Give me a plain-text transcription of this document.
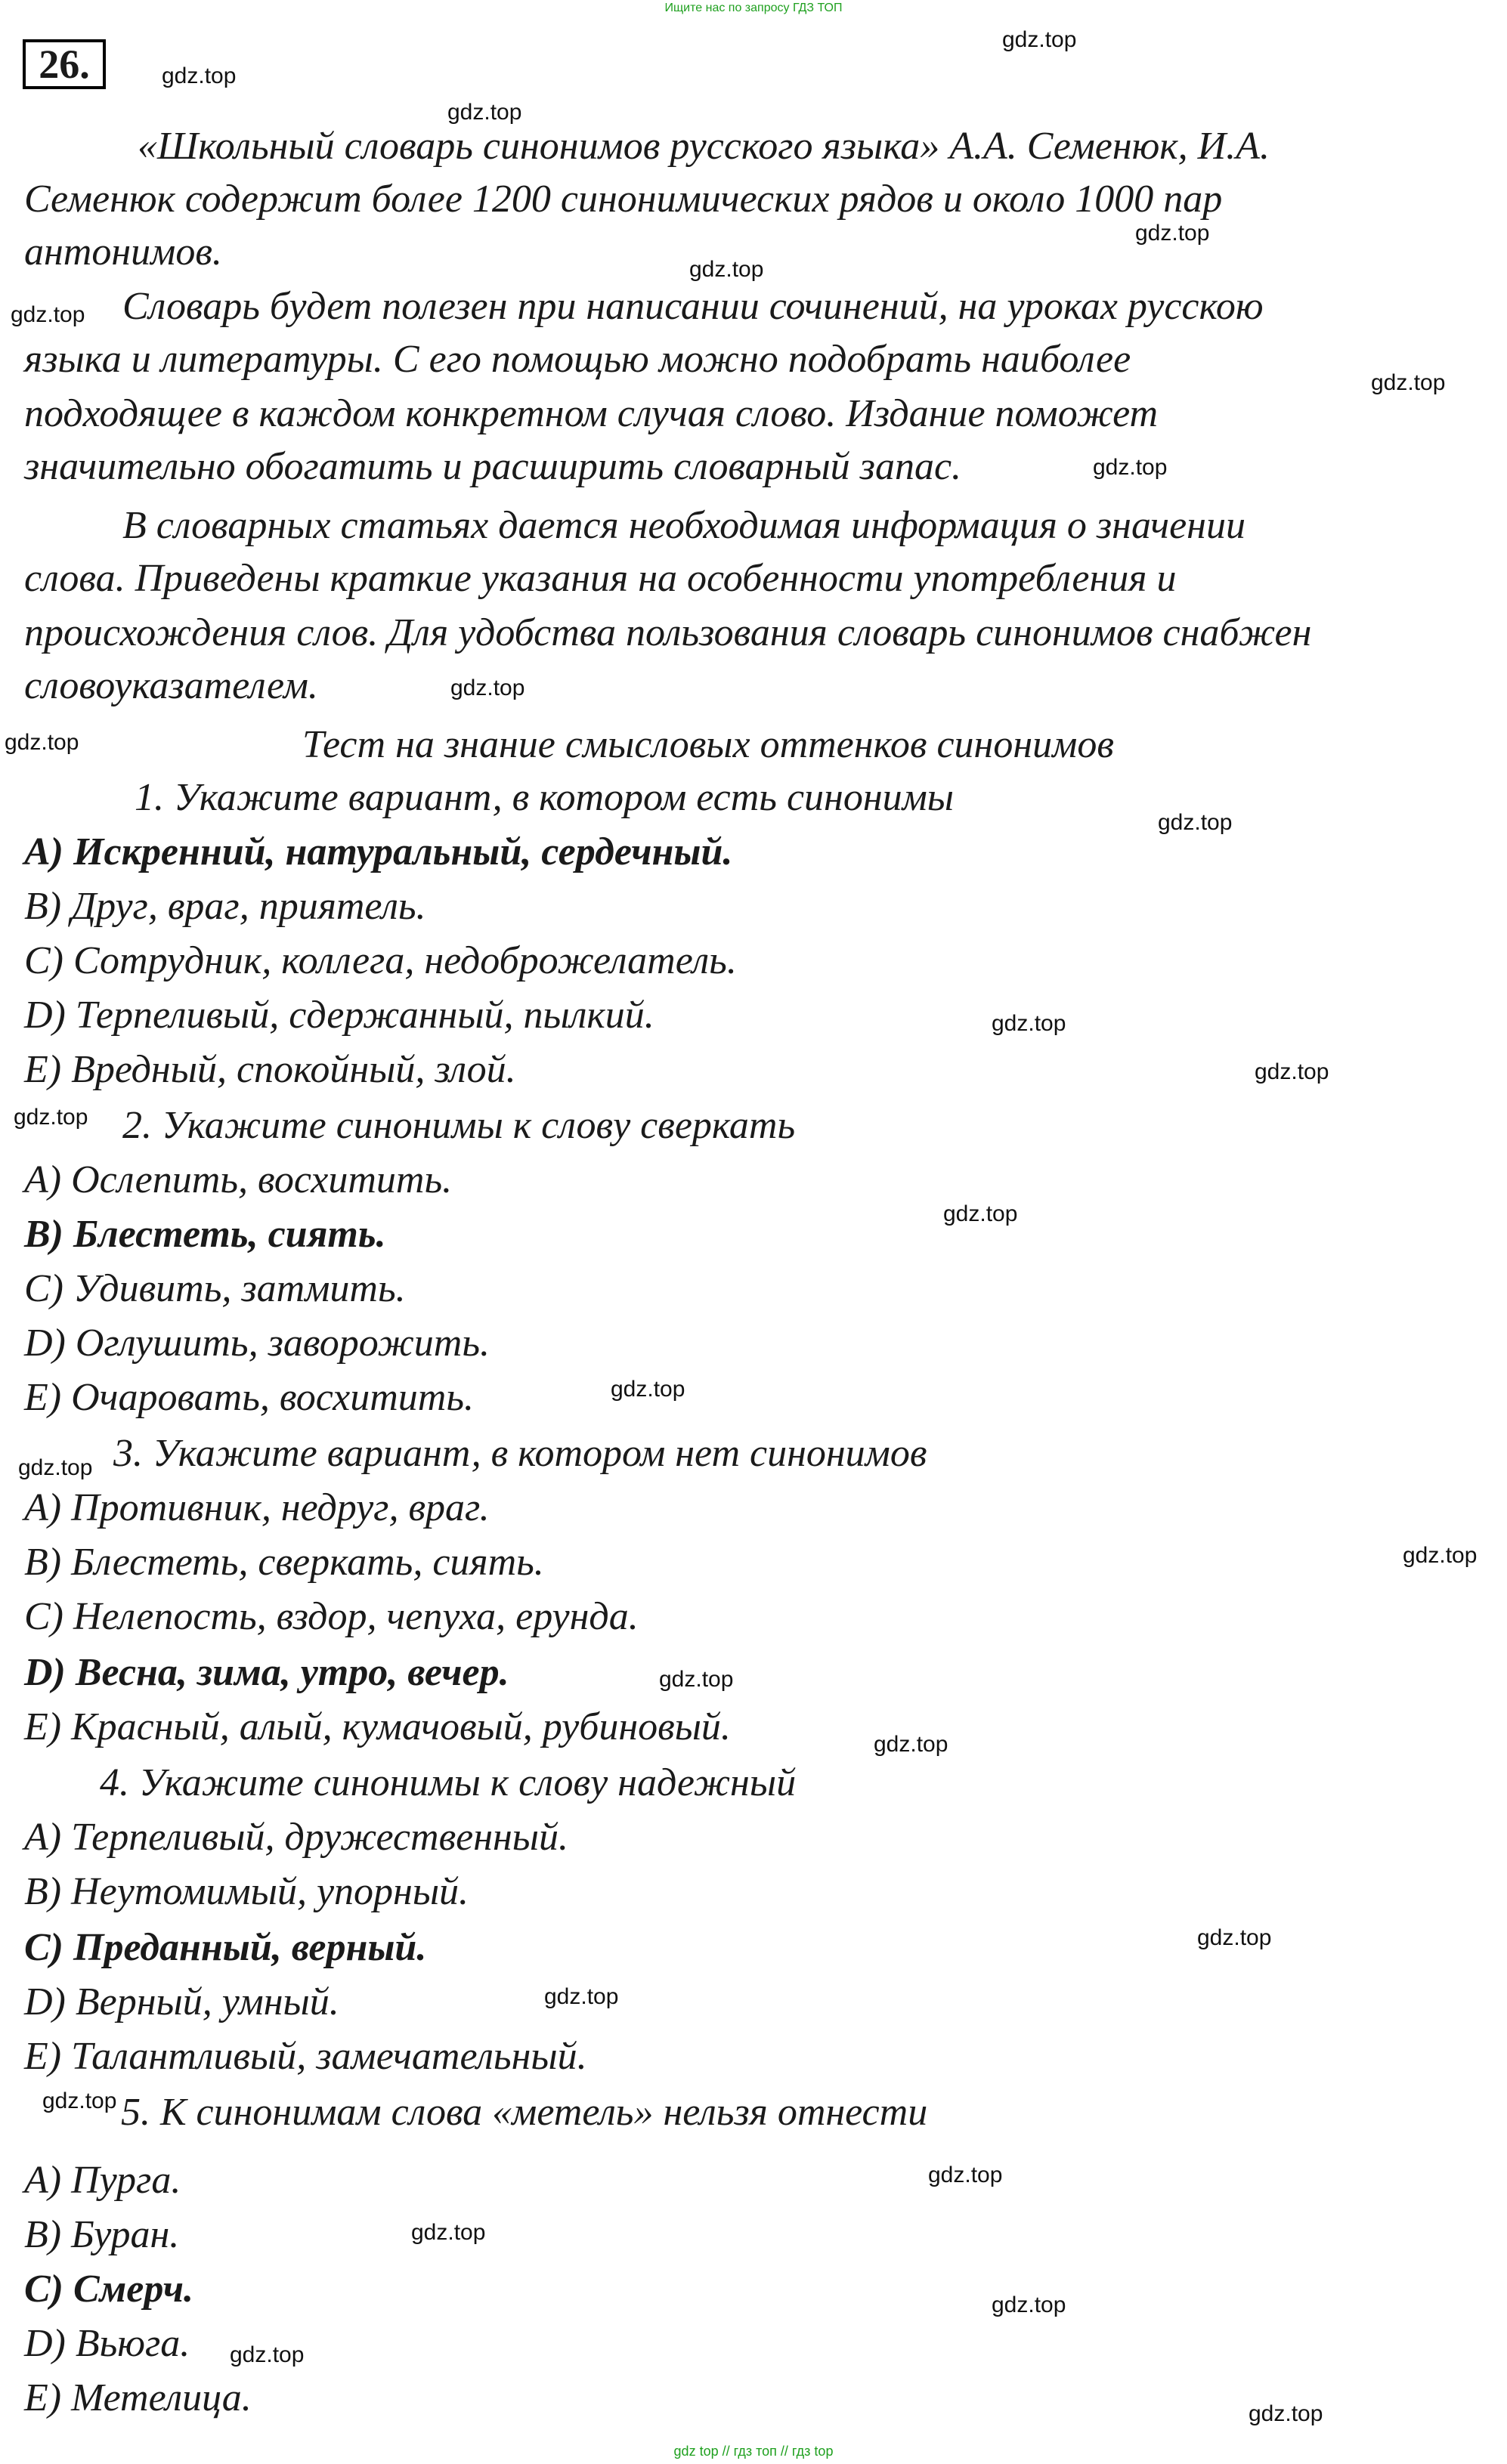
Ищите нас по запросу ГДЗ ТОП
26.
«Школьный словарь синонимов русского языка» А.А. Семенюк, И.А.
Семенюк содержит более 1200 синонимических рядов и около 1000 пар
антонимов.
Словарь будет полезен при написании сочинений, на уроках русскою
языка и литературы. С его помощью можно подобрать наиболее
подходящее в каждом конкретном случая слово. Издание поможет
значительно обогатить и расширить словарный запас.
В словарных статьях дается необходимая информация о значении
слова. Приведены краткие указания на особенности употребления и
происхождения слов. Для удобства пользования словарь синонимов снабжен
словоуказателем.
Тест на знание смысловых оттенков синонимов
1. Укажите вариант, в котором есть синонимы
A) Искренний, натуральный, сердечный.
B) Друг, враг, приятель.
C) Сотрудник, коллега, недоброжелатель.
D) Терпеливый, сдержанный, пылкий.
E) Вредный, спокойный, злой.
2. Укажите синонимы к слову сверкать
A) Ослепить, восхитить.
B) Блестеть, сиять.
C) Удивить, затмить.
D) Оглушить, заворожить.
E) Очаровать, восхитить.
3. Укажите вариант, в котором нет синонимов
A) Противник, недруг, враг.
B) Блестеть, сверкать, сиять.
C) Нелепость, вздор, чепуха, ерунда.
D) Весна, зима, утро, вечер.
E) Красный, алый, кумачовый, рубиновый.
4. Укажите синонимы к слову надежный
A) Терпеливый, дружественный.
B) Неутомимый, упорный.
C) Преданный, верный.
D) Верный, умный.
E) Талантливый, замечательный.
5. К синонимам слова «метель» нельзя отнести
A) Пурга.
B) Буран.
C) Смерч.
D) Вьюга.
E) Метелица.
gdz.top
gdz.top
gdz.top
gdz.top
gdz.top
gdz.top
gdz.top
gdz.top
gdz.top
gdz.top
gdz.top
gdz.top
gdz.top
gdz.top
gdz.top
gdz.top
gdz.top
gdz.top
gdz.top
gdz.top
gdz.top
gdz.top
gdz.top
gdz.top
gdz.top
gdz.top
gdz.top
gdz.top
gdz top // гдз топ // гдз top
